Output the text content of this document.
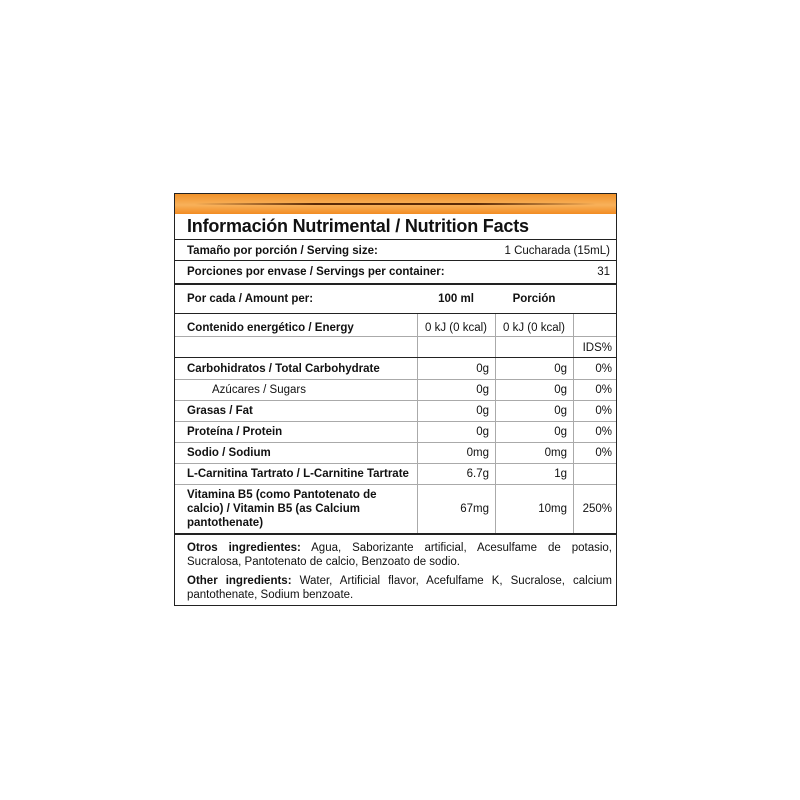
Información Nutrimental / Nutrition Facts
Tamaño por porción / Serving size:	1 Cucharada (15mL)
Porciones por envase / Servings per container:	31
Por cada / Amount per:	100 ml	Porción
Contenido energético / Energy	0 kJ (0 kcal)	0 kJ (0 kcal)
IDS%
Carbohidratos / Total Carbohydrate	0g	0g	0%
Azúcares / Sugars	0g	0g	0%
Grasas / Fat	0g	0g	0%
Proteína / Protein	0g	0g	0%
Sodio / Sodium	0mg	0mg	0%
L-Carnitina Tartrato / L-Carnitine Tartrate	6.7g	1g
Vitamina B5 (como Pantotenato de
calcio) / Vitamin B5 (as Calcium
pantothenate)
67mg	10mg	250%
Otros ingredientes: Agua, Saborizante artificial, Acesulfame de potasio, Sucralosa, Pantotenato de calcio, Benzoato de sodio.
Other ingredients: Water, Artificial flavor, Acefulfame K, Sucralose, calcium pantothenate, Sodium benzoate.
